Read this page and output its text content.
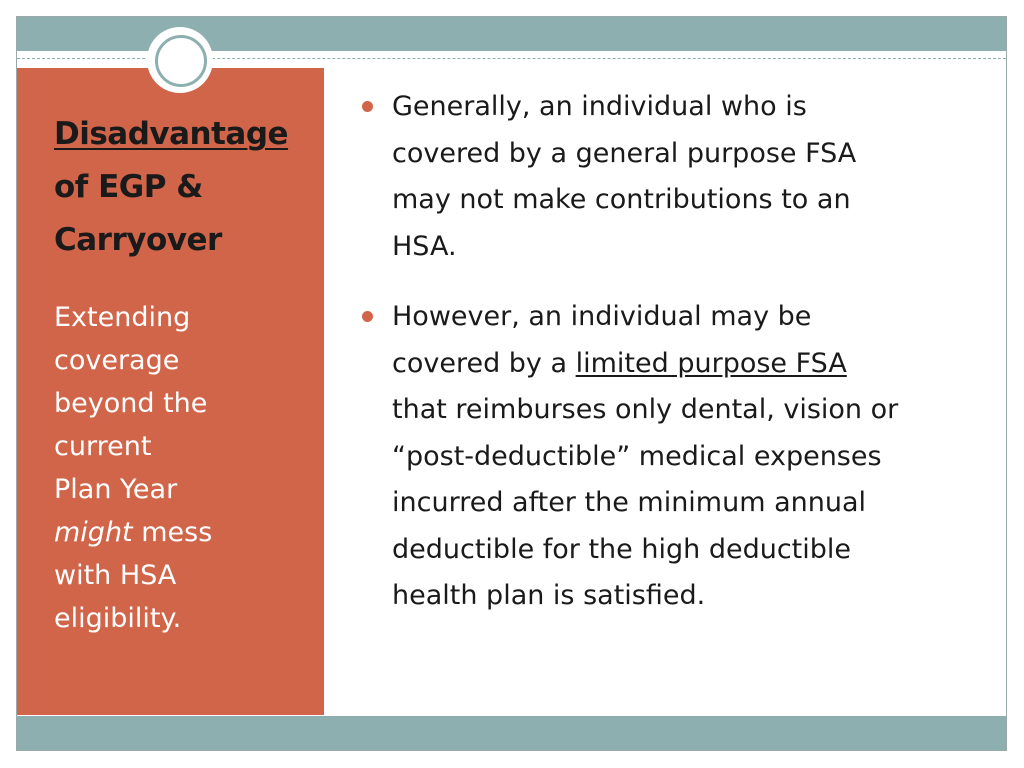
Disadvantage
of EGP &
Carryover
Extending
coverage
beyond the
current
Plan Year
might mess
with HSA
eligibility.
Generally, an individual who is
covered by a general purpose FSA
may not make contributions to an
HSA.
However, an individual may be
covered by a limited purpose FSA
that reimburses only dental, vision or
“post-deductible” medical expenses
incurred after the minimum annual
deductible for the high deductible
health plan is satisfied.
